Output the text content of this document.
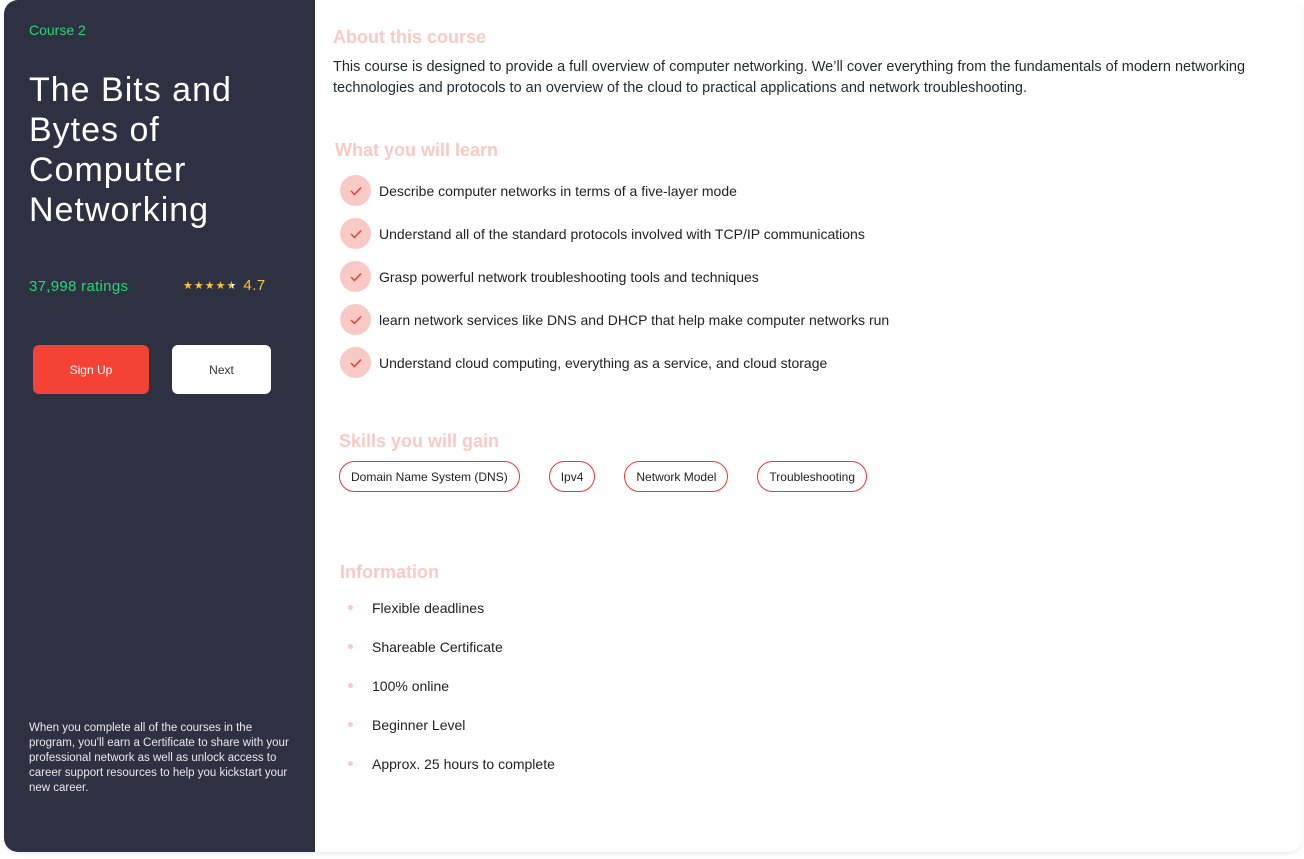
Course 2
The Bits and Bytes of Computer Networking
37,998 ratings	★ ★ ★ ★ ★ 4.7
Sign Up	Next

When you complete all of the courses in the program, you'll earn a Certificate to share with your professional network as well as unlock access to career support resources to help you kickstart your new career.

About this course

This course is designed to provide a full overview of computer networking. We’ll cover everything from the fundamentals of modern networking technologies and protocols to an overview of the cloud to practical applications and network troubleshooting.

What you will learn
Describe computer networks in terms of a five-layer mode
Understand all of the standard protocols involved with TCP/IP communications
Grasp powerful network troubleshooting tools and techniques
learn network services like DNS and DHCP that help make computer networks run
Understand cloud computing, everything as a service, and cloud storage
Skills you will gain
Domain Name System (DNS)	Ipv4	Network Model	Troubleshooting
Information
Flexible deadlines
Shareable Certificate
100% online
Beginner Level
Approx. 25 hours to complete
